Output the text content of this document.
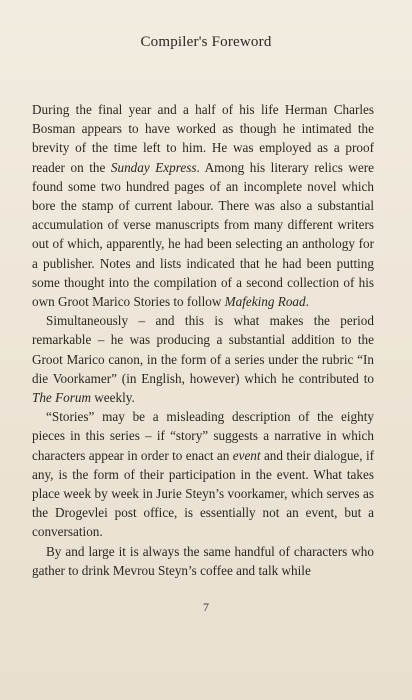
Compiler's Foreword

During the final year and a half of his life Herman Charles Bosman appears to have worked as though he intimated the brevity of the time left to him. He was employed as a proof reader on the Sunday Express. Among his literary relics were found some two hundred pages of an incomplete novel which bore the stamp of current labour. There was also a substantial accumulation of verse manuscripts from many different writers out of which, apparently, he had been selecting an anthology for a publisher. Notes and lists indicated that he had been putting some thought into the compilation of a second collection of his own Groot Marico Stories to follow Mafeking Road.

Simultaneously – and this is what makes the period remarkable – he was producing a substantial addition to the Groot Marico canon, in the form of a series under the rubric “In die Voorkamer” (in English, however) which he contributed to The Forum weekly.

“Stories” may be a misleading description of the eighty pieces in this series – if “story” suggests a narrative in which characters appear in order to enact an event and their dialogue, if any, is the form of their participation in the event. What takes place week by week in Jurie Steyn’s voorkamer, which serves as the Drogevlei post office, is essentially not an event, but a conversation.

By and large it is always the same handful of characters who gather to drink Mevrou Steyn’s coffee and talk while

7
